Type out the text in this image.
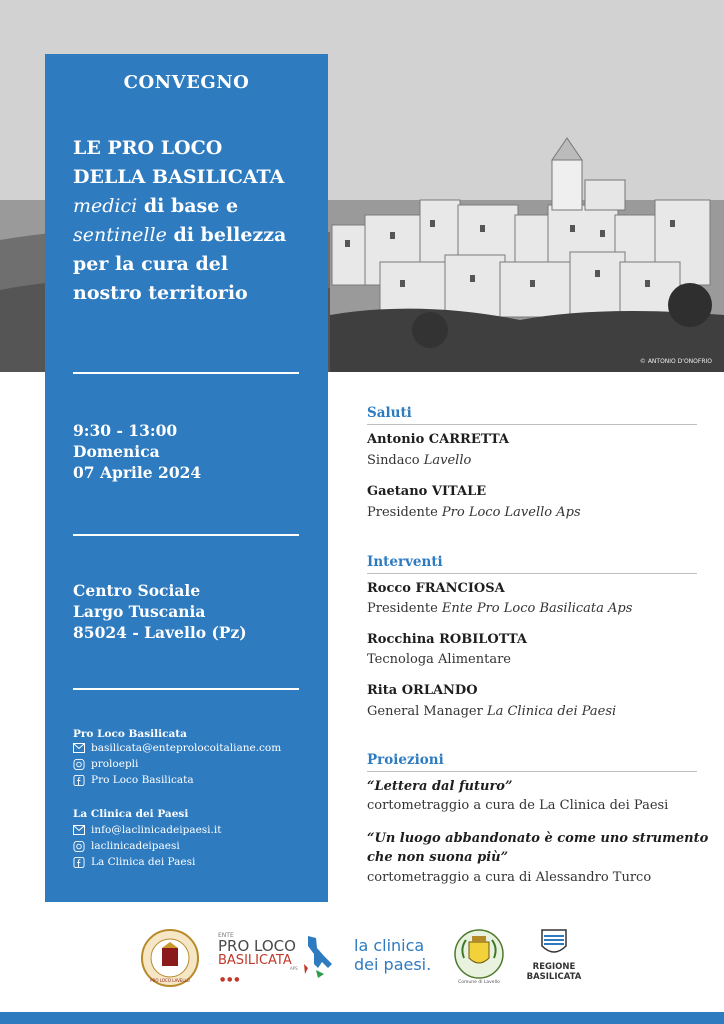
© ANTONIO D'ONOFRIO
CONVEGNO
LE PRO LOCO
DELLA BASILICATA
medici di base e
sentinelle di bellezza
per la cura del
nostro territorio
9:30 - 13:00
Domenica
07 Aprile 2024
Centro Sociale
Largo Tuscania
85024 - Lavello (Pz)
Pro Loco Basilicata
basilicata@enteprolocoitaliane.com
proloepli
Pro Loco Basilicata
La Clinica dei Paesi
info@laclinicadeipaesi.it
laclinicadeipaesi
La Clinica dei Paesi
Saluti
Antonio CARRETTA
Sindaco Lavello
Gaetano VITALE
Presidente Pro Loco Lavello Aps
Interventi
Rocco FRANCIOSA
Presidente Ente Pro Loco Basilicata Aps
Rocchina ROBILOTTA
Tecnologa Alimentare
Rita ORLANDO
General Manager La Clinica dei Paesi
Proiezioni
“Lettera dal futuro”
cortometraggio a cura de La Clinica dei Paesi
“Un luogo abbandonato è come uno strumento
che non suona più”
cortometraggio a cura di Alessandro Turco
PRO LOCO LAVELLO
ENTE
PRO LOCO
BASILICATA
APS
● ● ●
la clinica
dei paesi.
Comune di Lavello
REGIONE
BASILICATA
